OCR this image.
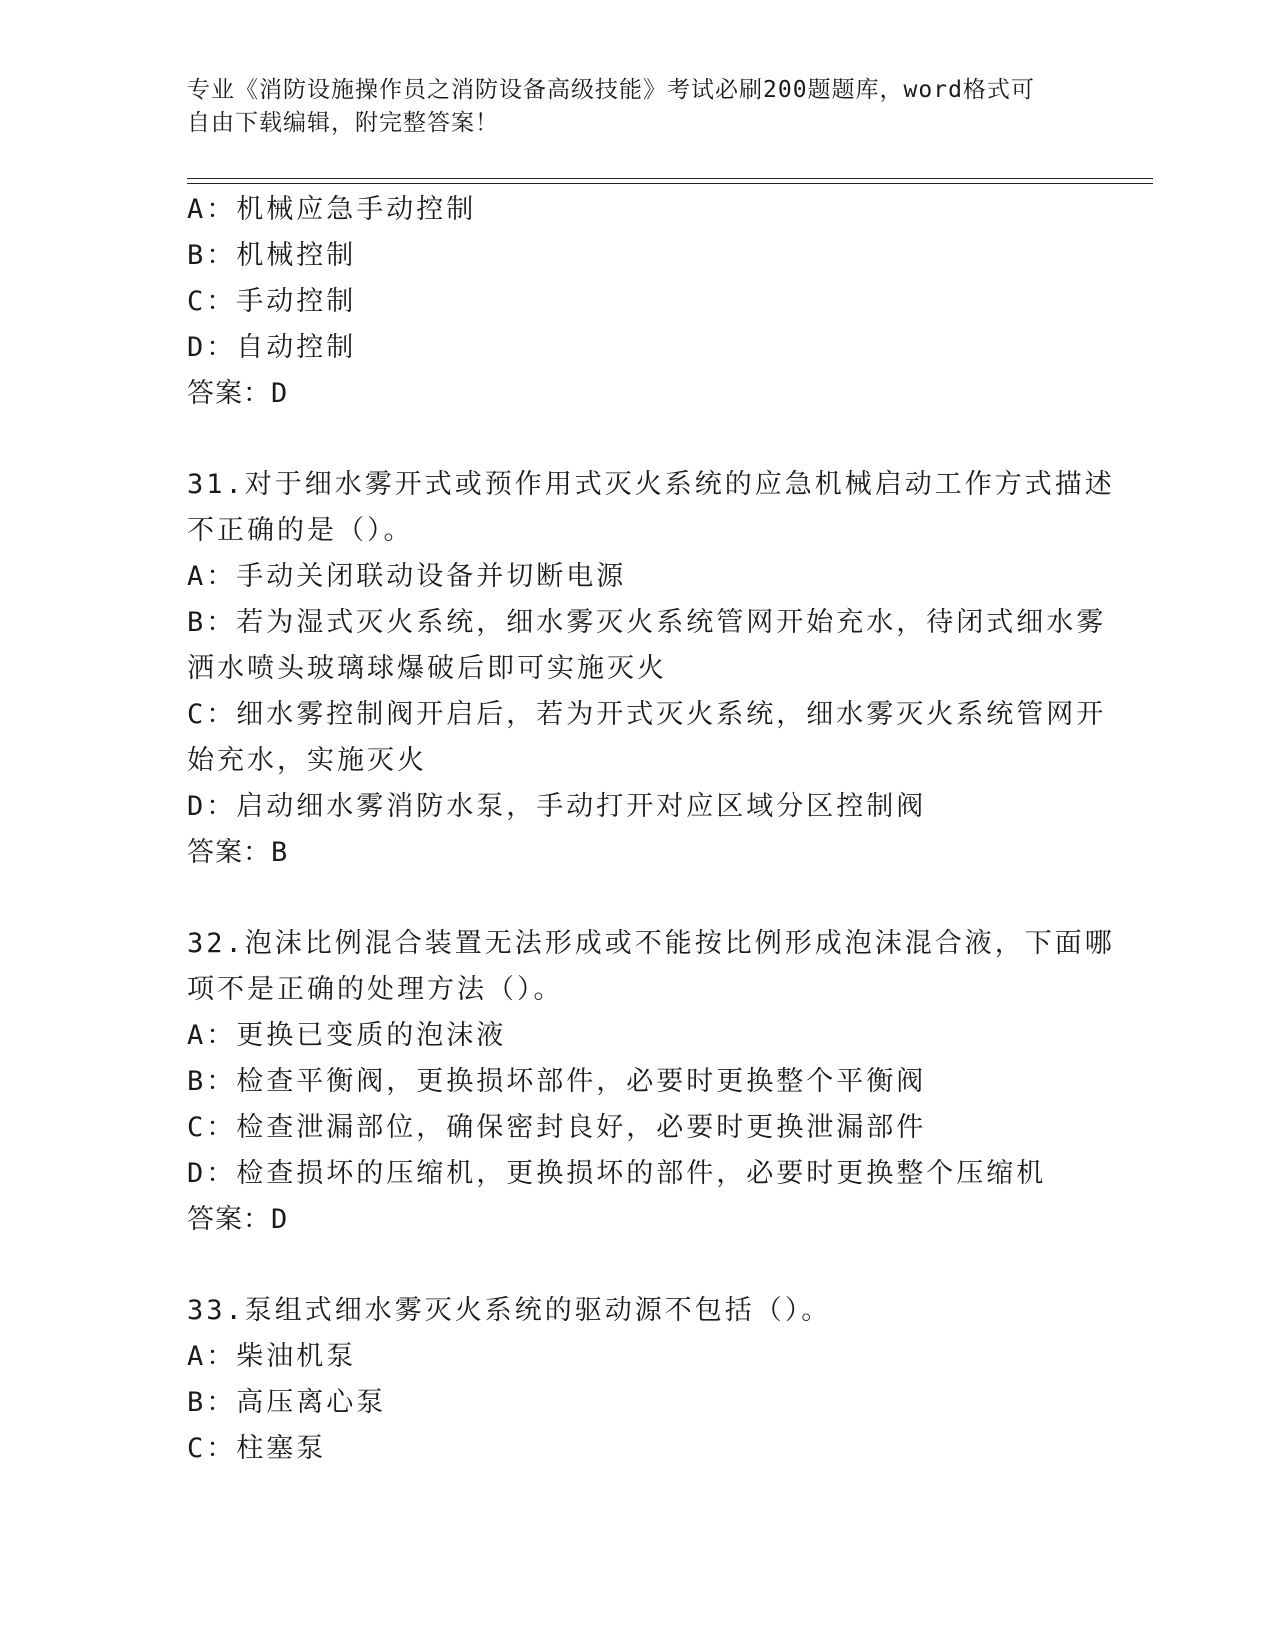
专业《消防设施操作员之消防设备高级技能》考试必刷200题题库，word格式可
自由下载编辑，附完整答案！
A：机械应急手动控制
B：机械控制
C：手动控制
D：自动控制
答案：D
31.对于细水雾开式或预作用式灭火系统的应急机械启动工作方式描述
不正确的是（）。
A：手动关闭联动设备并切断电源
B：若为湿式灭火系统，细水雾灭火系统管网开始充水，待闭式细水雾
洒水喷头玻璃球爆破后即可实施灭火
C：细水雾控制阀开启后，若为开式灭火系统，细水雾灭火系统管网开
始充水，实施灭火
D：启动细水雾消防水泵，手动打开对应区域分区控制阀
答案：B
32.泡沫比例混合装置无法形成或不能按比例形成泡沫混合液，下面哪
项不是正确的处理方法（）。
A：更换已变质的泡沫液
B：检查平衡阀，更换损坏部件，必要时更换整个平衡阀
C：检查泄漏部位，确保密封良好，必要时更换泄漏部件
D：检查损坏的压缩机，更换损坏的部件，必要时更换整个压缩机
答案：D
33.泵组式细水雾灭火系统的驱动源不包括（）。
A：柴油机泵
B：高压离心泵
C：柱塞泵
